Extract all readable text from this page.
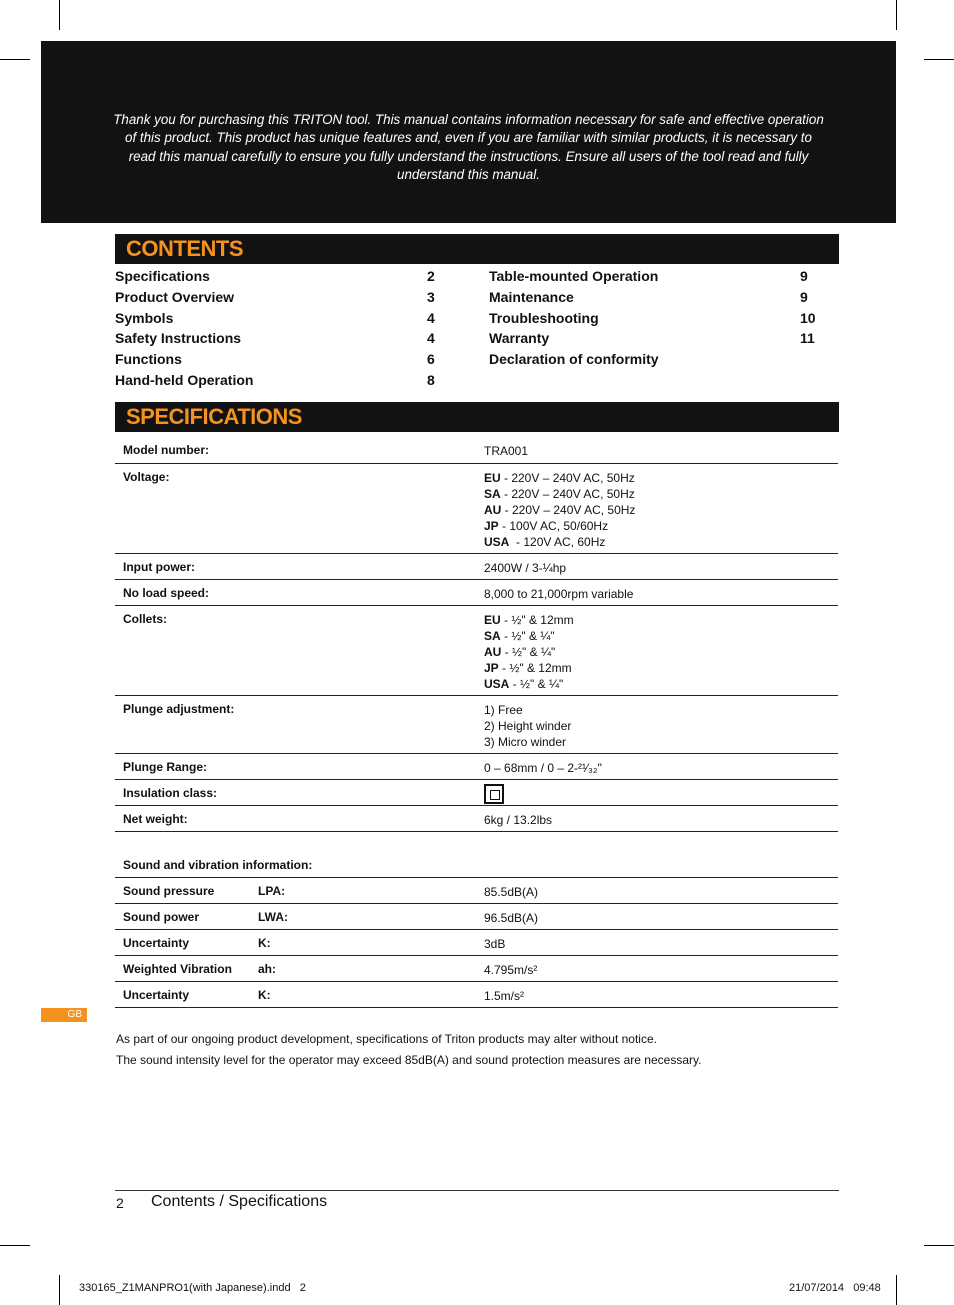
Thank you for purchasing this TRITON tool. This manual contains information necessary for safe and effective operation of this product. This product has unique features and, even if you are familiar with similar products, it is necessary to read this manual carefully to ensure you fully understand the instructions. Ensure all users of the tool read and fully understand this manual.

CONTENTS
Specifications	2
Product Overview	3
Symbols	4
Safety Instructions	4
Functions	6
Hand-held Operation	8
Table-mounted Operation	9
Maintenance	9
Troubleshooting	10
Warranty	11
Declaration of conformity
SPECIFICATIONS
Model number:	TRA001
Voltage:	EU - 220V – 240V AC, 50Hz
SA - 220V – 240V AC, 50Hz
AU - 220V – 240V AC, 50Hz
JP - 100V AC, 50/60Hz
USA  - 120V AC, 60Hz
Input power:	2400W / 3-¼hp
No load speed:	8,000 to 21,000rpm variable
Collets:	EU - ½" & 12mm
SA - ½" & ¼"
AU - ½" & ¼"
JP - ½" & 12mm
USA - ½" & ¼"
Plunge adjustment:	1) Free
2) Height winder
3) Micro winder
Plunge Range:	0 – 68mm / 0 – 2-²¹⁄₃₂"
Insulation class:
Net weight:	6kg / 13.2lbs
Sound and vibration information:
Sound pressure	LPA:	85.5dB(A)
Sound power	LWA:	96.5dB(A)
Uncertainty	K:	3dB
Weighted Vibration ah:	4.795m/s²
Uncertainty	K:	1.5m/s²
GB
As part of our ongoing product development, specifications of Triton products may alter without notice.
The sound intensity level for the operator may exceed 85dB(A) and sound protection measures are necessary.
2 Contents / Specifications
330165_Z1MANPRO1(with Japanese).indd   2	21/07/2014   09:48
